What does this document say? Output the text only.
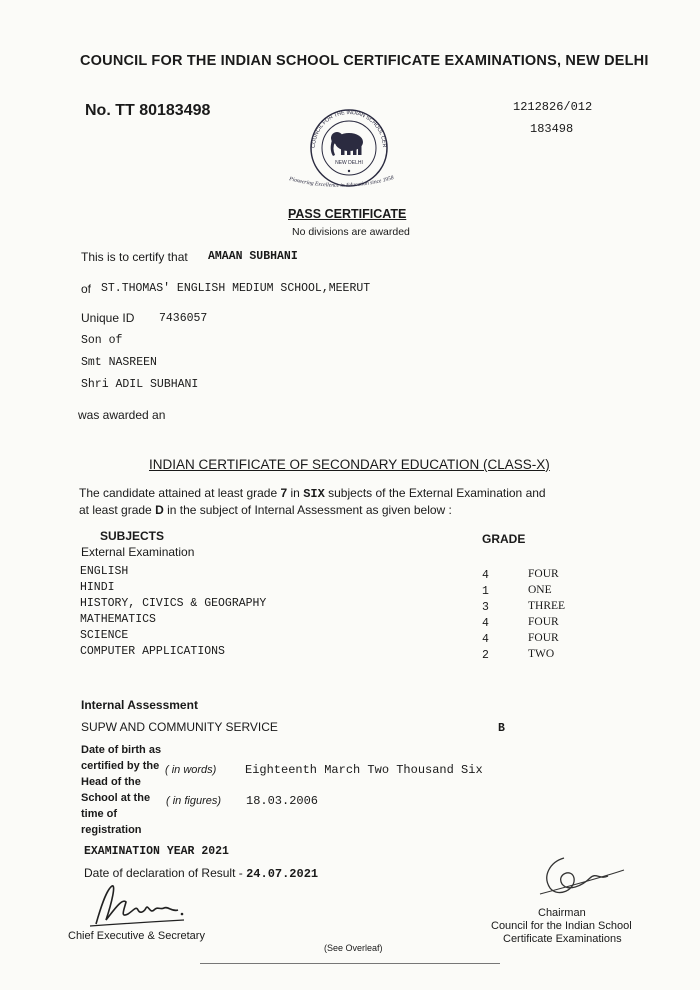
COUNCIL FOR THE INDIAN SCHOOL CERTIFICATE EXAMINATIONS, NEW DELHI
No. TT 80183498	1212826/012
183498
COUNCIL FOR THE INDIAN SCHOOL CER
NEW DELHI
Pioneering Excellence in Education since 1958
PASS CERTIFICATE
No divisions are awarded
This is to certify that AMAAN SUBHANI
of ST.THOMAS' ENGLISH MEDIUM SCHOOL,MEERUT
Unique ID 7436057
Son of
Smt NASREEN
Shri ADIL SUBHANI
was awarded an
INDIAN CERTIFICATE OF SECONDARY EDUCATION (CLASS-X)
The candidate attained at least grade 7 in SIX subjects of the External Examination and
at least grade D in the subject of Internal Assessment as given below :
SUBJECTS	GRADE
External Examination
ENGLISH	4	FOUR
HINDI	1	ONE
HISTORY, CIVICS & GEOGRAPHY	3	THREE
MATHEMATICS	4	FOUR
SCIENCE	4	FOUR
COMPUTER APPLICATIONS	2	TWO
Internal Assessment
SUPW AND COMMUNITY SERVICE	B
Date of birth as
certified by the
Head of the
School at the
time of
registration
( in words) Eighteenth March Two Thousand Six
( in figures) 18.03.2006
EXAMINATION YEAR 2021
Date of declaration of Result - 24.07.2021
Chief Executive & Secretary
Chairman
Council for the Indian School
Certificate Examinations
(See Overleaf)
